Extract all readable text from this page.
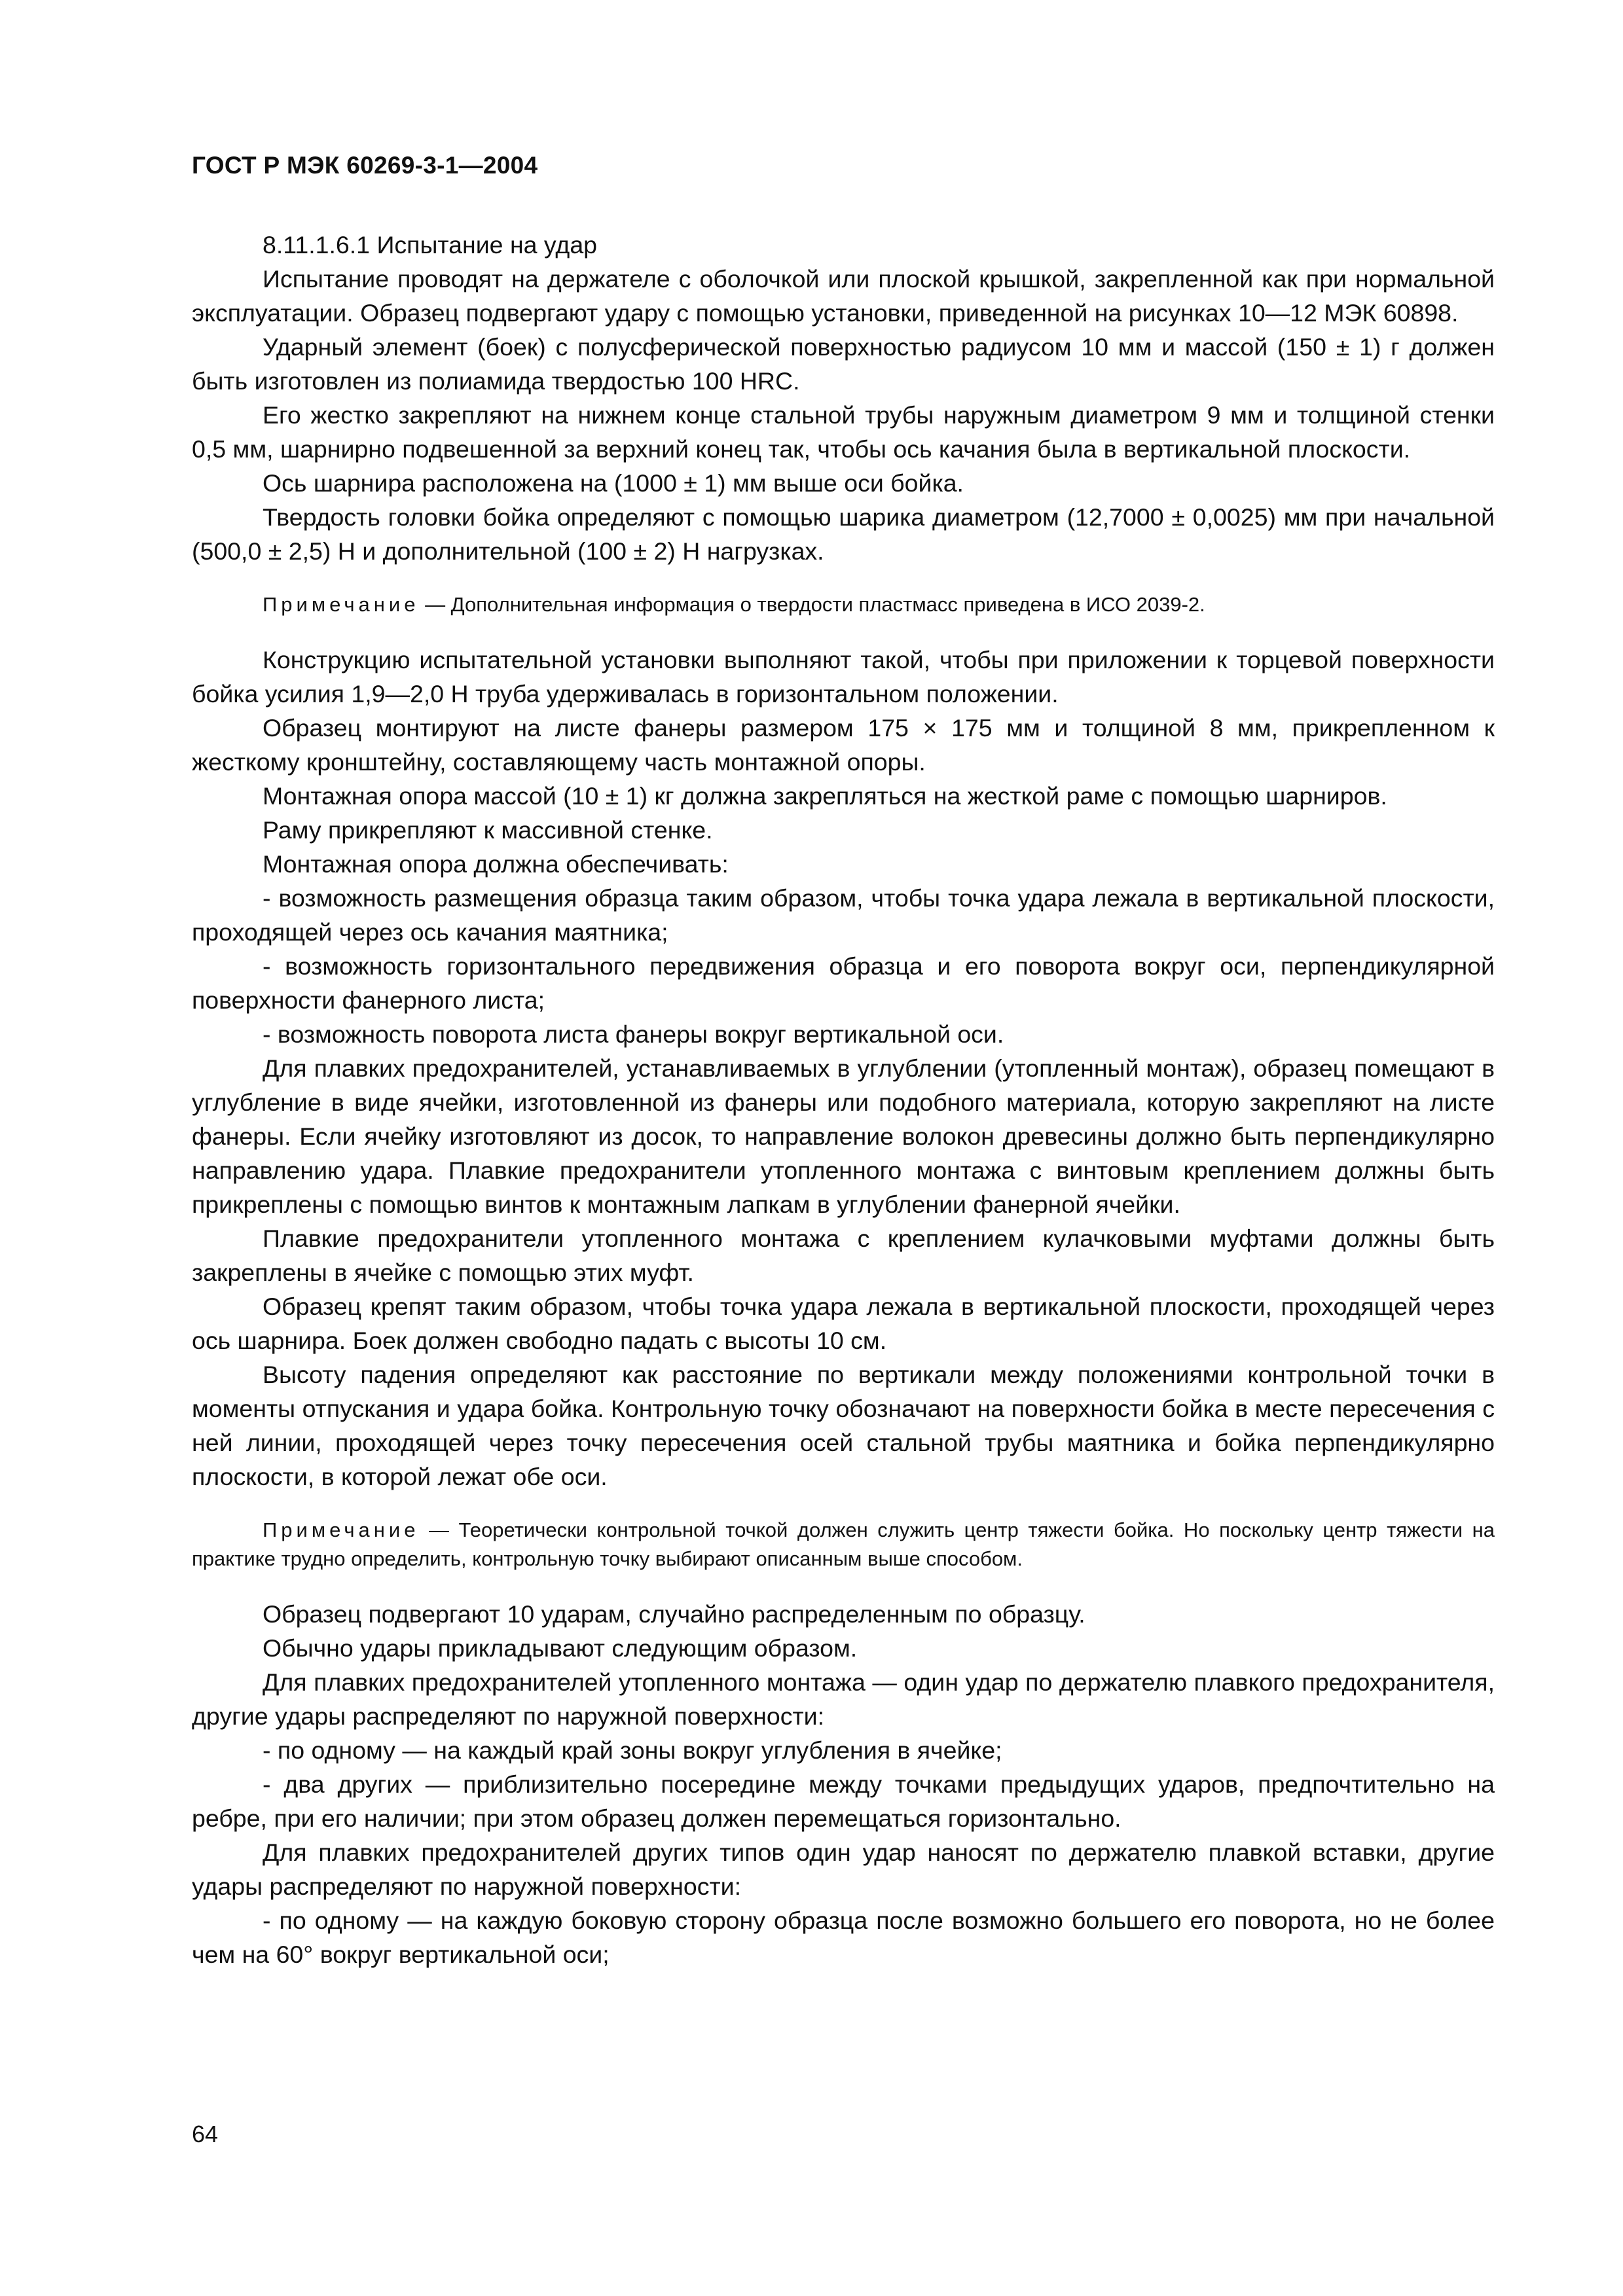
ГОСТ Р МЭК 60269-3-1—2004

8.11.1.6.1 Испытание на удар

Испытание проводят на держателе с оболочкой или плоской крышкой, закрепленной как при нормальной эксплуатации. Образец подвергают удару с помощью установки, приведенной на рисунках 10—12 МЭК 60898.

Ударный элемент (боек) с полусферической поверхностью радиусом 10 мм и массой (150 ± 1) г должен быть изготовлен из полиамида твердостью 100 HRC.

Его жестко закрепляют на нижнем конце стальной трубы наружным диаметром 9 мм и толщиной стенки 0,5 мм, шарнирно подвешенной за верхний конец так, чтобы ось качания была в вертикальной плоскости.

Ось шарнира расположена на (1000 ± 1) мм выше оси бойка.

Твердость головки бойка определяют с помощью шарика диаметром (12,7000 ± 0,0025) мм при начальной (500,0 ± 2,5) Н и дополнительной (100 ± 2) Н нагрузках.

Примечание — Дополнительная информация о твердости пластмасс приведена в ИСО 2039-2.

Конструкцию испытательной установки выполняют такой, чтобы при приложении к торцевой поверхности бойка усилия 1,9—2,0 Н труба удерживалась в горизонтальном положении.

Образец монтируют на листе фанеры размером 175 × 175 мм и толщиной 8 мм, прикрепленном к жесткому кронштейну, составляющему часть монтажной опоры.

Монтажная опора массой (10 ± 1) кг должна закрепляться на жесткой раме с помощью шарниров.

Раму прикрепляют к массивной стенке.

Монтажная опора должна обеспечивать:

- возможность размещения образца таким образом, чтобы точка удара лежала в вертикальной плоскости, проходящей через ось качания маятника;

- возможность горизонтального передвижения образца и его поворота вокруг оси, перпендикулярной поверхности фанерного листа;

- возможность поворота листа фанеры вокруг вертикальной оси.

Для плавких предохранителей, устанавливаемых в углублении (утопленный монтаж), образец помещают в углубление в виде ячейки, изготовленной из фанеры или подобного материала, которую закрепляют на листе фанеры. Если ячейку изготовляют из досок, то направление волокон древесины должно быть перпендикулярно направлению удара. Плавкие предохранители утопленного монтажа с винтовым креплением должны быть прикреплены с помощью винтов к монтажным лапкам в углублении фанерной ячейки.

Плавкие предохранители утопленного монтажа с креплением кулачковыми муфтами должны быть закреплены в ячейке с помощью этих муфт.

Образец крепят таким образом, чтобы точка удара лежала в вертикальной плоскости, проходящей через ось шарнира. Боек должен свободно падать с высоты 10 см.

Высоту падения определяют как расстояние по вертикали между положениями контрольной точки в моменты отпускания и удара бойка. Контрольную точку обозначают на поверхности бойка в месте пересечения с ней линии, проходящей через точку пересечения осей стальной трубы маятника и бойка перпендикулярно плоскости, в которой лежат обе оси.

Примечание — Теоретически контрольной точкой должен служить центр тяжести бойка. Но поскольку центр тяжести на практике трудно определить, контрольную точку выбирают описанным выше способом.

Образец подвергают 10 ударам, случайно распределенным по образцу.

Обычно удары прикладывают следующим образом.

Для плавких предохранителей утопленного монтажа — один удар по держателю плавкого предохранителя, другие удары распределяют по наружной поверхности:

- по одному — на каждый край зоны вокруг углубления в ячейке;

- два других — приблизительно посередине между точками предыдущих ударов, предпочтительно на ребре, при его наличии; при этом образец должен перемещаться горизонтально.

Для плавких предохранителей других типов один удар наносят по держателю плавкой вставки, другие удары распределяют по наружной поверхности:

- по одному — на каждую боковую сторону образца после возможно большего его поворота, но не более чем на 60° вокруг вертикальной оси;

64
